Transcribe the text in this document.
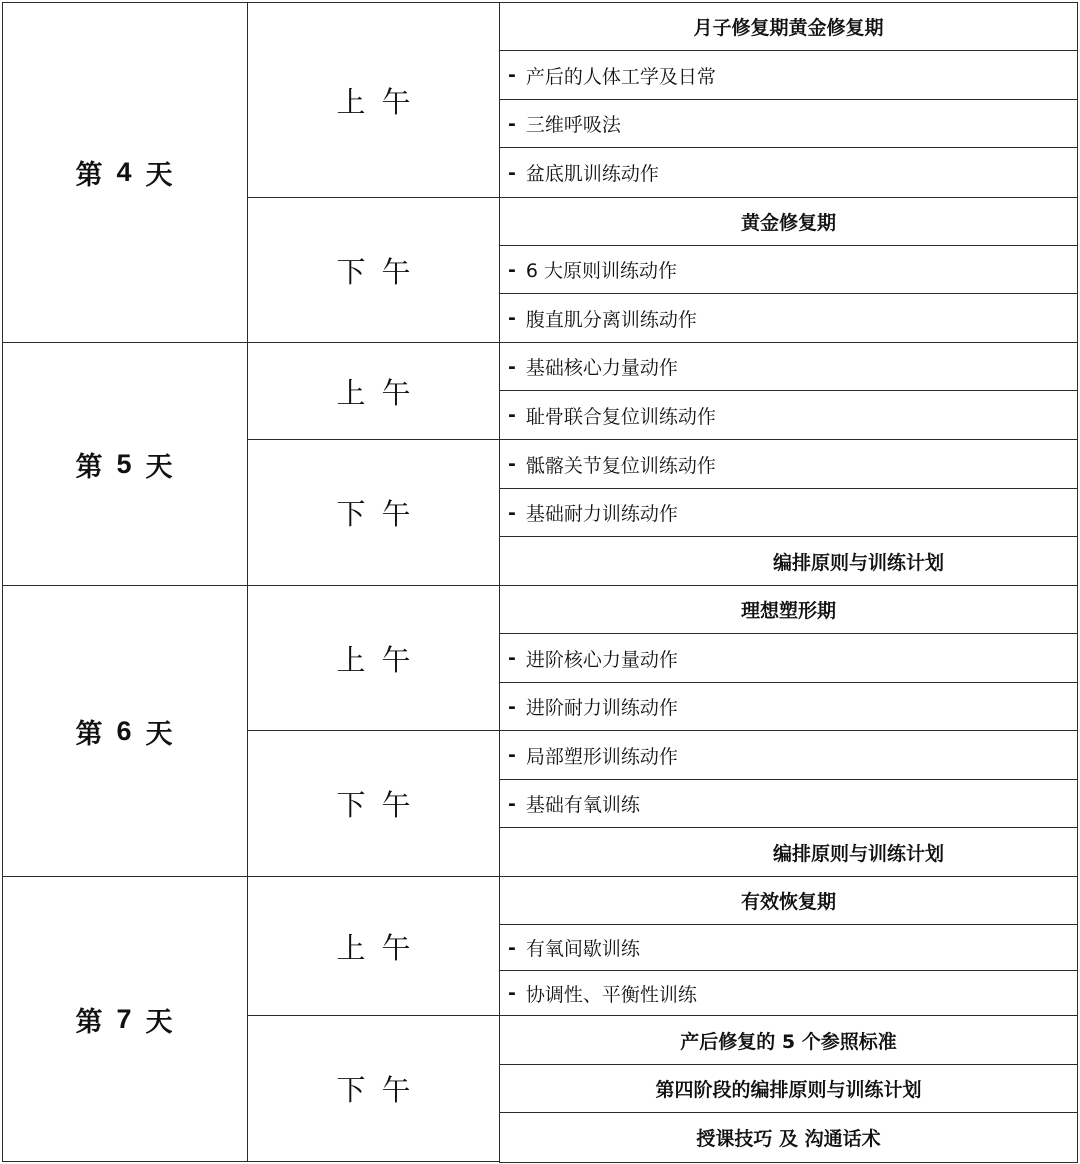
第 4 天
第 5 天
第 6 天
第 7 天
上午
下午
上午
下午
上午
下午
上午
下午
月子修复期黄金修复期
- 产后的人体工学及日常
- 三维呼吸法
- 盆底肌训练动作
黄金修复期
- 6 大原则训练动作
- 腹直肌分离训练动作
- 基础核心力量动作
- 耻骨联合复位训练动作
- 骶髂关节复位训练动作
- 基础耐力训练动作
编排原则与训练计划
理想塑形期
- 进阶核心力量动作
- 进阶耐力训练动作
- 局部塑形训练动作
- 基础有氧训练
编排原则与训练计划
有效恢复期
- 有氧间歇训练
- 协调性、平衡性训练
产后修复的 5 个参照标准
第四阶段的编排原则与训练计划
授课技巧 及 沟通话术
